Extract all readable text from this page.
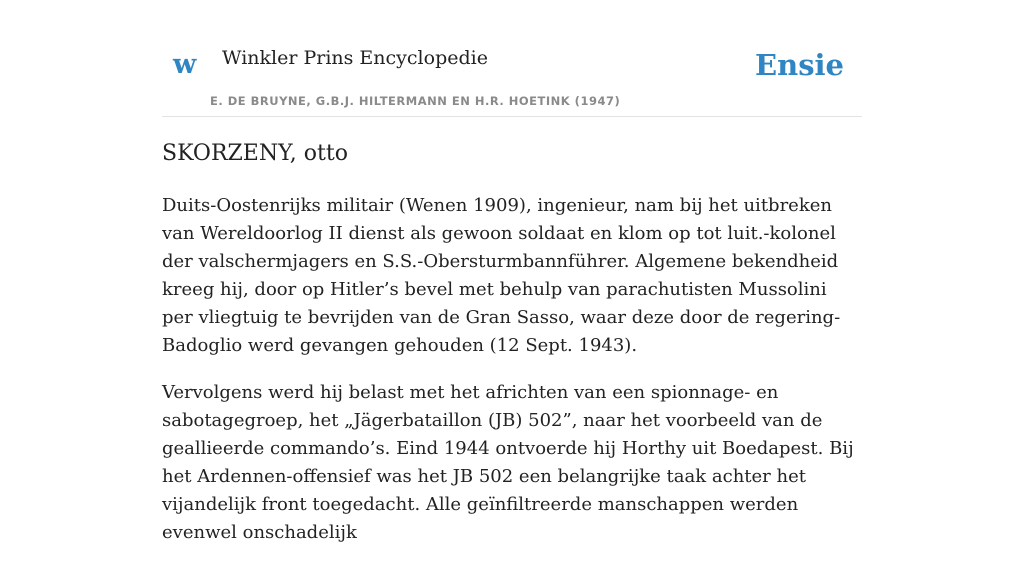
w Winkler Prins Encyclopedie
E. DE BRUYNE, G.B.J. HILTERMANN EN H.R. HOETINK (1947)
Ensie
SKORZENY, otto

Duits-Oostenrijks militair (Wenen 1909), ingenieur, nam bij het uitbreken van Wereldoorlog II dienst als gewoon soldaat en klom op tot luit.-kolonel der valschermjagers en S.S.-Obersturmbannführer. Algemene bekendheid kreeg hij, door op Hitler’s bevel met behulp van parachutisten Mussolini per vliegtuig te bevrijden van de Gran Sasso, waar deze door de regering-Badoglio werd gevangen gehouden (12 Sept. 1943).

Vervolgens werd hij belast met het africhten van een spionnage- en sabotagegroep, het „Jägerbataillon (JB) 502”, naar het voorbeeld van de geallieerde commando’s. Eind 1944 ontvoerde hij Horthy uit Boedapest. Bij het Ardennen-offensief was het JB 502 een belangrijke taak achter het vijandelijk front toegedacht. Alle geïnfiltreerde manschappen werden evenwel onschadelijk
